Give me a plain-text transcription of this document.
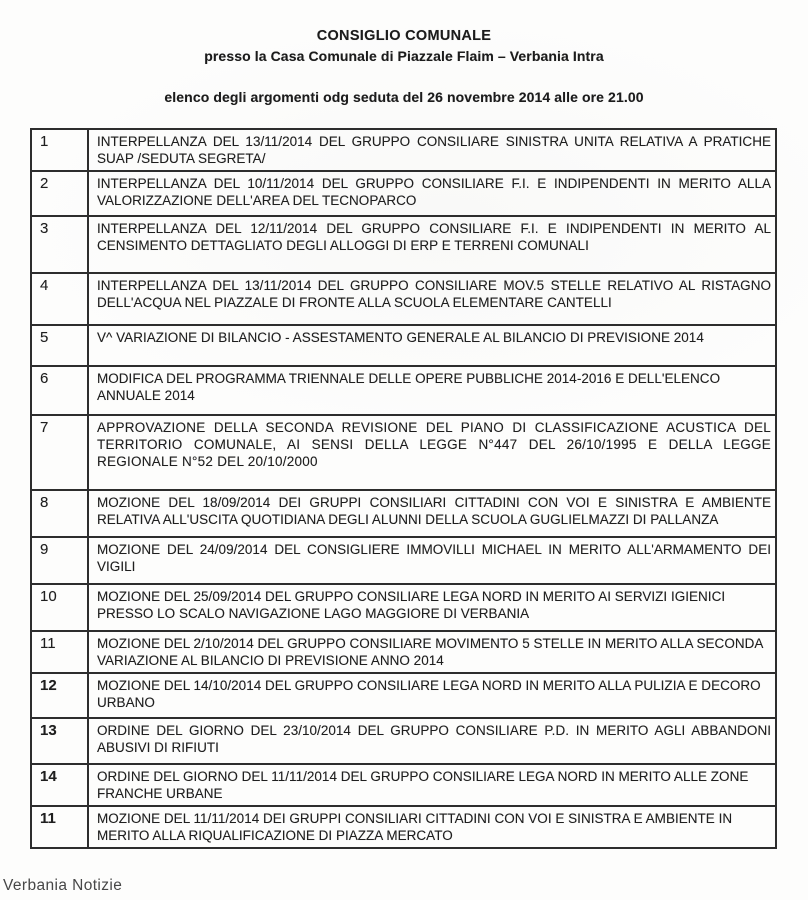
CONSIGLIO COMUNALE
presso la Casa Comunale di Piazzale Flaim – Verbania Intra
elenco degli argomenti odg seduta del 26 novembre 2014 alle ore 21.00
1	INTERPELLANZA DEL 13/11/2014 DEL GRUPPO CONSILIARE SINISTRA UNITA RELATIVA A PRATICHE SUAP /SEDUTA SEGRETA/
2	INTERPELLANZA DEL 10/11/2014 DEL GRUPPO CONSILIARE F.I. E INDIPENDENTI IN MERITO ALLA VALORIZZAZIONE DELL'AREA DEL TECNOPARCO
3	INTERPELLANZA DEL 12/11/2014 DEL GRUPPO CONSILIARE F.I. E INDIPENDENTI IN MERITO AL CENSIMENTO DETTAGLIATO DEGLI ALLOGGI DI ERP E TERRENI COMUNALI
4	INTERPELLANZA DEL 13/11/2014 DEL GRUPPO CONSILIARE MOV.5 STELLE RELATIVO AL RISTAGNO DELL'ACQUA NEL PIAZZALE DI FRONTE ALLA SCUOLA ELEMENTARE CANTELLI
5	V^ VARIAZIONE DI BILANCIO - ASSESTAMENTO GENERALE AL BILANCIO DI PREVISIONE 2014
6	MODIFICA DEL PROGRAMMA TRIENNALE DELLE OPERE PUBBLICHE 2014-2016 E DELL'ELENCO ANNUALE 2014
7	APPROVAZIONE DELLA SECONDA REVISIONE DEL PIANO DI CLASSIFICAZIONE ACUSTICA DEL TERRITORIO COMUNALE, AI SENSI DELLA LEGGE N°447 DEL 26/10/1995 E DELLA LEGGE REGIONALE N°52 DEL 20/10/2000
8	MOZIONE DEL 18/09/2014 DEI GRUPPI CONSILIARI CITTADINI CON VOI E SINISTRA E AMBIENTE RELATIVA ALL'USCITA QUOTIDIANA DEGLI ALUNNI DELLA SCUOLA GUGLIELMAZZI DI PALLANZA
9	MOZIONE DEL 24/09/2014 DEL CONSIGLIERE IMMOVILLI MICHAEL IN MERITO ALL'ARMAMENTO DEI VIGILI
10	MOZIONE DEL 25/09/2014 DEL GRUPPO CONSILIARE LEGA NORD IN MERITO AI SERVIZI IGIENICI PRESSO LO SCALO NAVIGAZIONE LAGO MAGGIORE DI VERBANIA
11	MOZIONE DEL 2/10/2014 DEL GRUPPO CONSILIARE MOVIMENTO 5 STELLE IN MERITO ALLA SECONDA VARIAZIONE AL BILANCIO DI PREVISIONE ANNO 2014
12	MOZIONE DEL 14/10/2014 DEL GRUPPO CONSILIARE LEGA NORD IN MERITO ALLA PULIZIA E DECORO URBANO
13	ORDINE DEL GIORNO DEL 23/10/2014 DEL GRUPPO CONSILIARE P.D. IN MERITO AGLI ABBANDONI ABUSIVI DI RIFIUTI
14	ORDINE DEL GIORNO DEL 11/11/2014 DEL GRUPPO CONSILIARE LEGA NORD IN MERITO ALLE ZONE FRANCHE URBANE
11	MOZIONE DEL 11/11/2014 DEI GRUPPI CONSILIARI CITTADINI CON VOI E SINISTRA E AMBIENTE IN MERITO ALLA RIQUALIFICAZIONE DI PIAZZA MERCATO
Verbania Notizie
